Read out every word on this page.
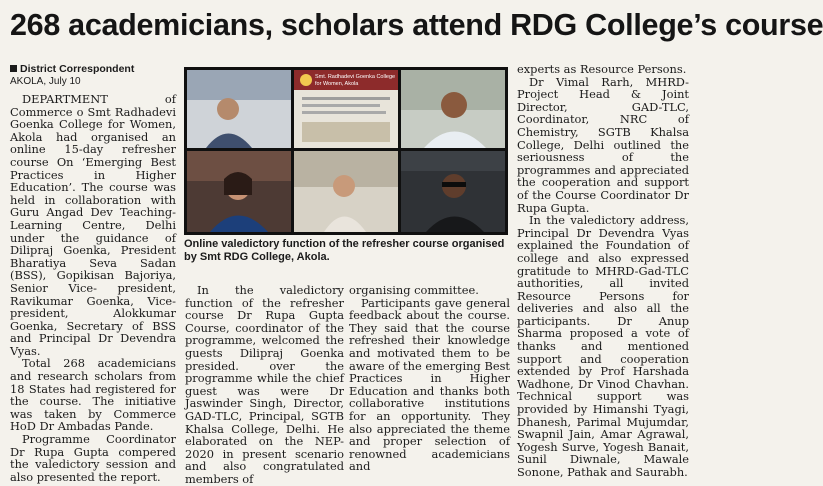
268 academicians, scholars attend RDG College’s course
District Correspondent
AKOLA, July 10

DEPARTMENT of Commerce o Smt Radhadevi Goenka College for Women, Akola had organised an online 15-day refresher course On ‘Emerging Best Practices in Higher Education’. The course was held in collaboration with Guru Angad Dev Teaching-Learning Centre, Delhi under the guidance of Dilipraj Goenka, President Bharatiya Seva Sadan (BSS), Gopikisan Bajoriya, Senior Vice- president, Ravikumar Goenka, Vice-president, Alokkumar Goenka, Secretary of BSS and Principal Dr Devendra Vyas.

Total 268 academicians and research scholars from 18 States had registered for the course. The initiative was taken by Commerce HoD Dr Ambadas Pande.

Programme Coordinator Dr Rupa Gupta compered the valedictory session and also presented the report.

Smt. Radhadevi Goenka College
for Women, Akola
Online valedictory function of the refresher course organised by Smt RDG College, Akola.

In the valedictory function of the refresher course Dr Rupa Gupta Course, coordinator of the programme, welcomed the guests Dilipraj Goenka presided. over the programme while the chief guest was were Dr Jaswinder Singh, Director, GAD-TLC, Principal, SGTB Khalsa College, Delhi. He elaborated on the NEP-2020 in present scenario and also congratulated members of

organising committee.

Participants gave general feedback about the course. They said that the course refreshed their knowledge and motivated them to be aware of the emerging Best Practices in Higher Education and thanks both collaborative institutions for an opportunity. They also appreciated the theme and proper selection of renowned academicians and

experts as Resource Persons.

Dr Vimal Rarh, MHRD- Project Head & Joint Director, GAD-TLC, Coordinator, NRC of Chemistry, SGTB Khalsa College, Delhi outlined the seriousness of the programmes and appreciated the cooperation and support of the Course Coordinator Dr Rupa Gupta.

In the valedictory address, Principal Dr Devendra Vyas explained the Foundation of college and also expressed gratitude to MHRD-Gad-TLC authorities, all invited Resource Persons for deliveries and also all the participants. Dr Anup Sharma proposed a vote of thanks and mentioned support and cooperation extended by Prof Harshada Wadhone, Dr Vinod Chavhan. Technical support was provided by Himanshi Tyagi, Dhanesh, Parimal Mujumdar, Swapnil Jain, Amar Agrawal, Yogesh Surve, Yogesh Banait, Sunil Diwnale, Mawale Sonone, Pathak and Saurabh.
